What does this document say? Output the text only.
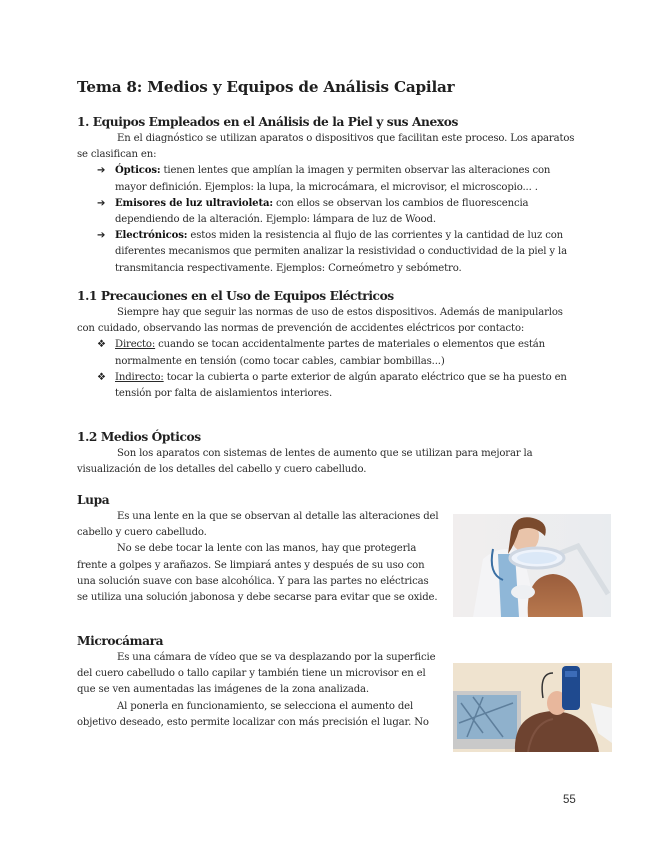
Tema 8: Medios y Equipos de Análisis Capilar
1. Equipos Empleados en el Análisis de la Piel y sus Anexos

En el diagnóstico se utilizan aparatos o dispositivos que facilitan este proceso. Los aparatos se clasifican en:

➔ Ópticos: tienen lentes que amplían la imagen y permiten observar las alteraciones con mayor definición. Ejemplos: la lupa, la microcámara, el microvisor, el microscopio... .
➔ Emisores de luz ultravioleta: con ellos se observan los cambios de fluorescencia dependiendo de la alteración. Ejemplo: lámpara de luz de Wood.
➔ Electrónicos: estos miden la resistencia al flujo de las corrientes y la cantidad de luz con diferentes mecanismos que permiten analizar la resistividad o conductividad de la piel y la transmitancia respectivamente. Ejemplos: Corneómetro y sebómetro.
1.1 Precauciones en el Uso de Equipos Eléctricos

Siempre hay que seguir las normas de uso de estos dispositivos. Además de manipularlos con cuidado, observando las normas de prevención de accidentes eléctricos por contacto:

❖ Directo: cuando se tocan accidentalmente partes de materiales o elementos que están normalmente en tensión (como tocar cables, cambiar bombillas...)
❖ Indirecto: tocar la cubierta o parte exterior de algún aparato eléctrico que se ha puesto en tensión por falta de aislamientos interiores.
1.2 Medios Ópticos

Son los aparatos con sistemas de lentes de aumento que se utilizan para mejorar la visualización de los detalles del cabello y cuero cabelludo.

Lupa

Es una lente en la que se observan al detalle las alteraciones del cabello y cuero cabelludo.

No se debe tocar la lente con las manos, hay que protegerla frente a golpes y arañazos. Se limpiará antes y después de su uso con una solución suave con base alcohólica. Y para las partes no eléctricas se utiliza una solución jabonosa y debe secarse para evitar que se oxide.

Microcámara

Es una cámara de vídeo que se va desplazando por la superficie del cuero cabelludo o tallo capilar y también tiene un microvisor en el que se ven aumentadas las imágenes de la zona analizada.

Al ponerla en funcionamiento, se selecciona el aumento del objetivo deseado, esto permite localizar con más precisión el lugar. No

55
